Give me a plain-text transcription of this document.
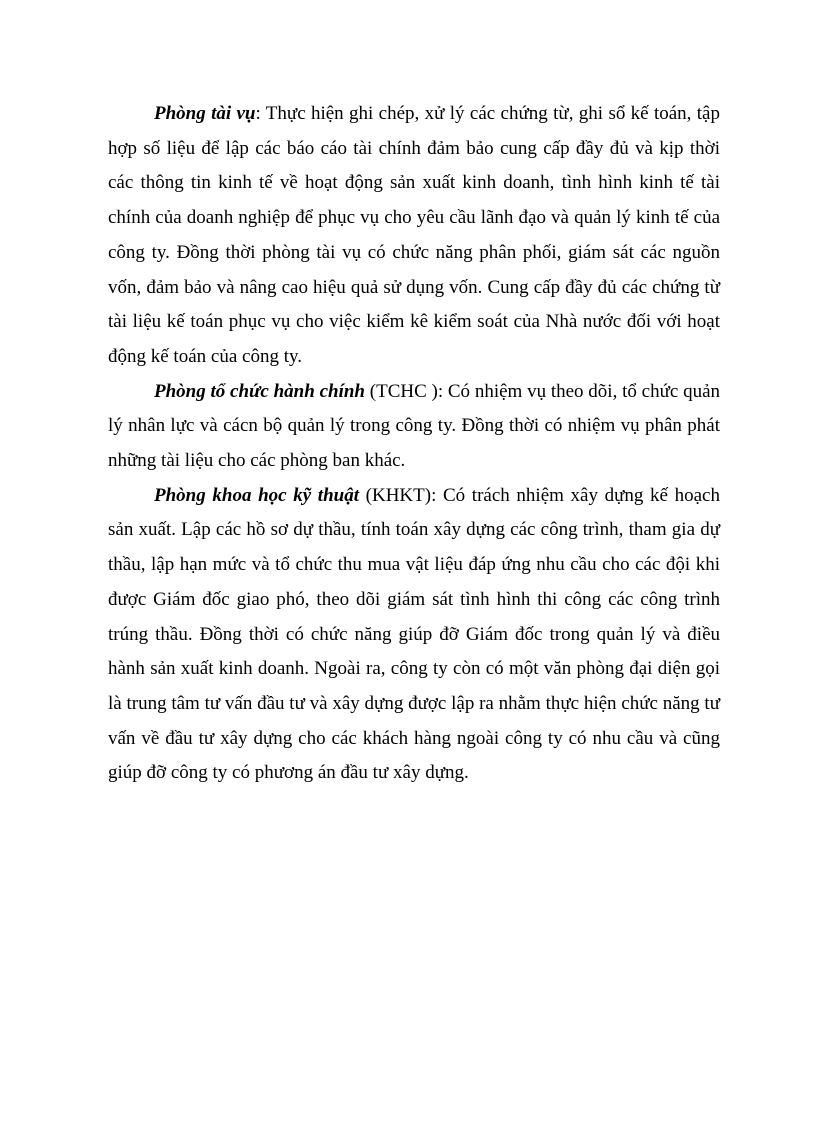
Phòng tài vụ: Thực hiện ghi chép, xử lý các chứng từ, ghi sổ kế toán, tập hợp số liệu để lập các báo cáo tài chính đảm bảo cung cấp đầy đủ và kịp thời các thông tin kinh tế về hoạt động sản xuất kinh doanh, tình hình kinh tế tài chính của doanh nghiệp để phục vụ cho yêu cầu lãnh đạo và quản lý kinh tế của công ty. Đồng thời phòng tài vụ có chức năng phân phối, giám sát các nguồn vốn, đảm bảo và nâng cao hiệu quả sử dụng vốn. Cung cấp đầy đủ các chứng từ tài liệu kế toán phục vụ cho việc kiểm kê kiểm soát của Nhà nước đối với hoạt động kế toán của công ty.

Phòng tổ chức hành chính (TCHC ): Có nhiệm vụ theo dõi, tổ chức quản lý nhân lực và cácn bộ quản lý trong công ty. Đồng thời có nhiệm vụ phân phát những tài liệu cho các phòng ban khác.

Phòng khoa học kỹ thuật (KHKT): Có trách nhiệm xây dựng kế hoạch sản xuất. Lập các hồ sơ dự thầu, tính toán xây dựng các công trình, tham gia dự thầu, lập hạn mức và tổ chức thu mua vật liệu đáp ứng nhu cầu cho các đội khi được Giám đốc giao phó, theo dõi giám sát tình hình thi công các công trình trúng thầu. Đồng thời có chức năng giúp đỡ Giám đốc trong quản lý và điều hành sản xuất kinh doanh. Ngoài ra, công ty còn có một văn phòng đại diện gọi là trung tâm tư vấn đầu tư và xây dựng được lập ra nhằm thực hiện chức năng tư vấn về đầu tư xây dựng cho các khách hàng ngoài công ty có nhu cầu và cũng giúp đỡ công ty có phương án đầu tư xây dựng.
